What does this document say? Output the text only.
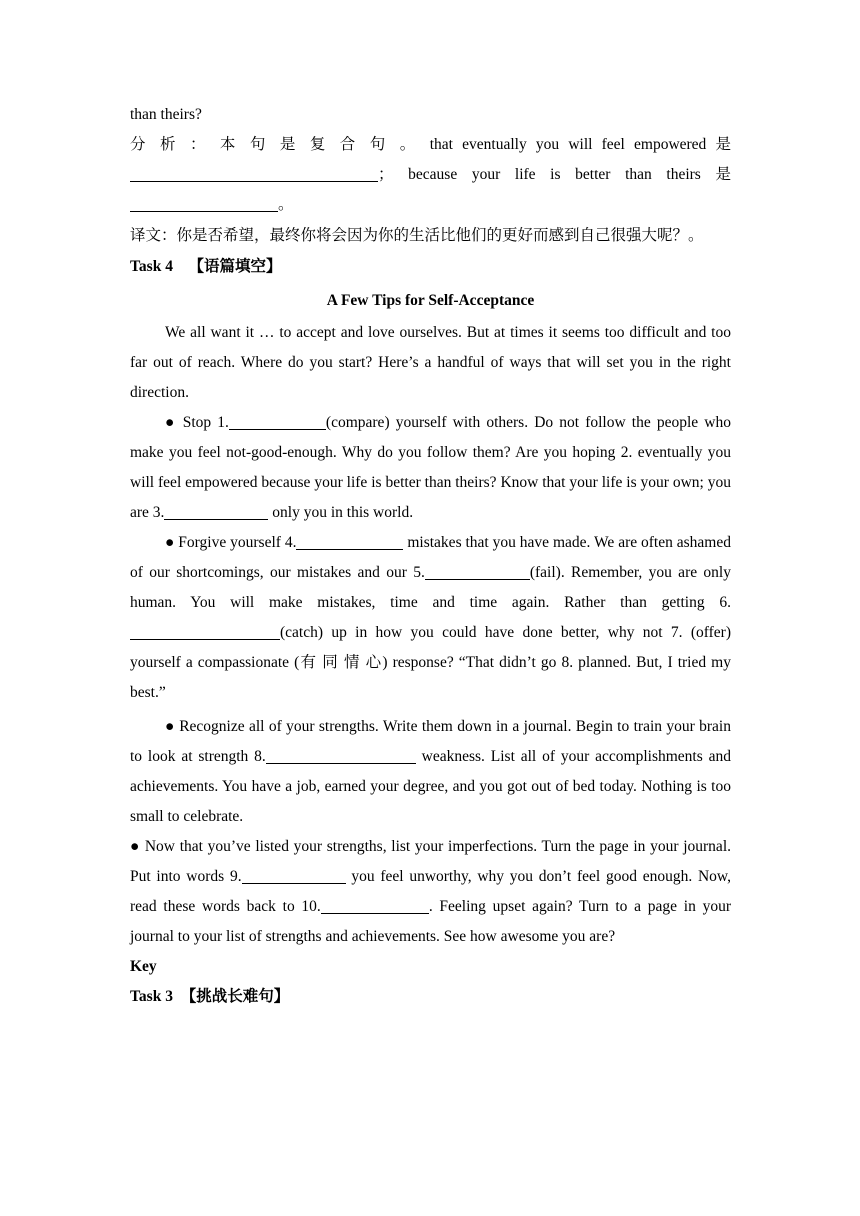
than theirs?

分 析 ： 本 句 是 复 合 句 。 that eventually you will feel empowered 是 ； because your life is better than theirs 是。

译文：你是否希望，最终你将会因为你的生活比他们的更好而感到自己很强大呢？。

Task 4 【语篇填空】

A Few Tips for Self-Acceptance

We all want it … to accept and love ourselves. But at times it seems too difficult and too far out of reach. Where do you start? Here’s a handful of ways that will set you in the right direction.

● Stop 1.	(compare) yourself with others. Do not follow the people who make you feel not-good-enough. Why do you follow them? Are you hoping 2. eventually you will feel empowered because your life is better than theirs? Know that your life is your own; you are 3.	only you in this world.

● Forgive yourself 4.	mistakes that you have made. We are often ashamed of our shortcomings, our mistakes and our 5.	(fail). Remember, you are only human. You will make mistakes, time and time again. Rather than getting 6.(catch) up in how you could have done better, why not 7. (offer) yourself a compassionate (有 同 情 心) response? “That didn’t go 8. planned. But, I tried my best.”

● Recognize all of your strengths. Write them down in a journal. Begin to train your brain to look at strength 8.	weakness. List all of your accomplishments and achievements. You have a job, earned your degree, and you got out of bed today. Nothing is too small to celebrate.

● Now that you’ve listed your strengths, list your imperfections. Turn the page in your journal. Put into words 9.	you feel unworthy, why you don’t feel good enough. Now, read these words back to 10.	. Feeling upset again? Turn to a page in your journal to your list of strengths and achievements. See how awesome you are?

Key

Task 3 【挑战长难句】
